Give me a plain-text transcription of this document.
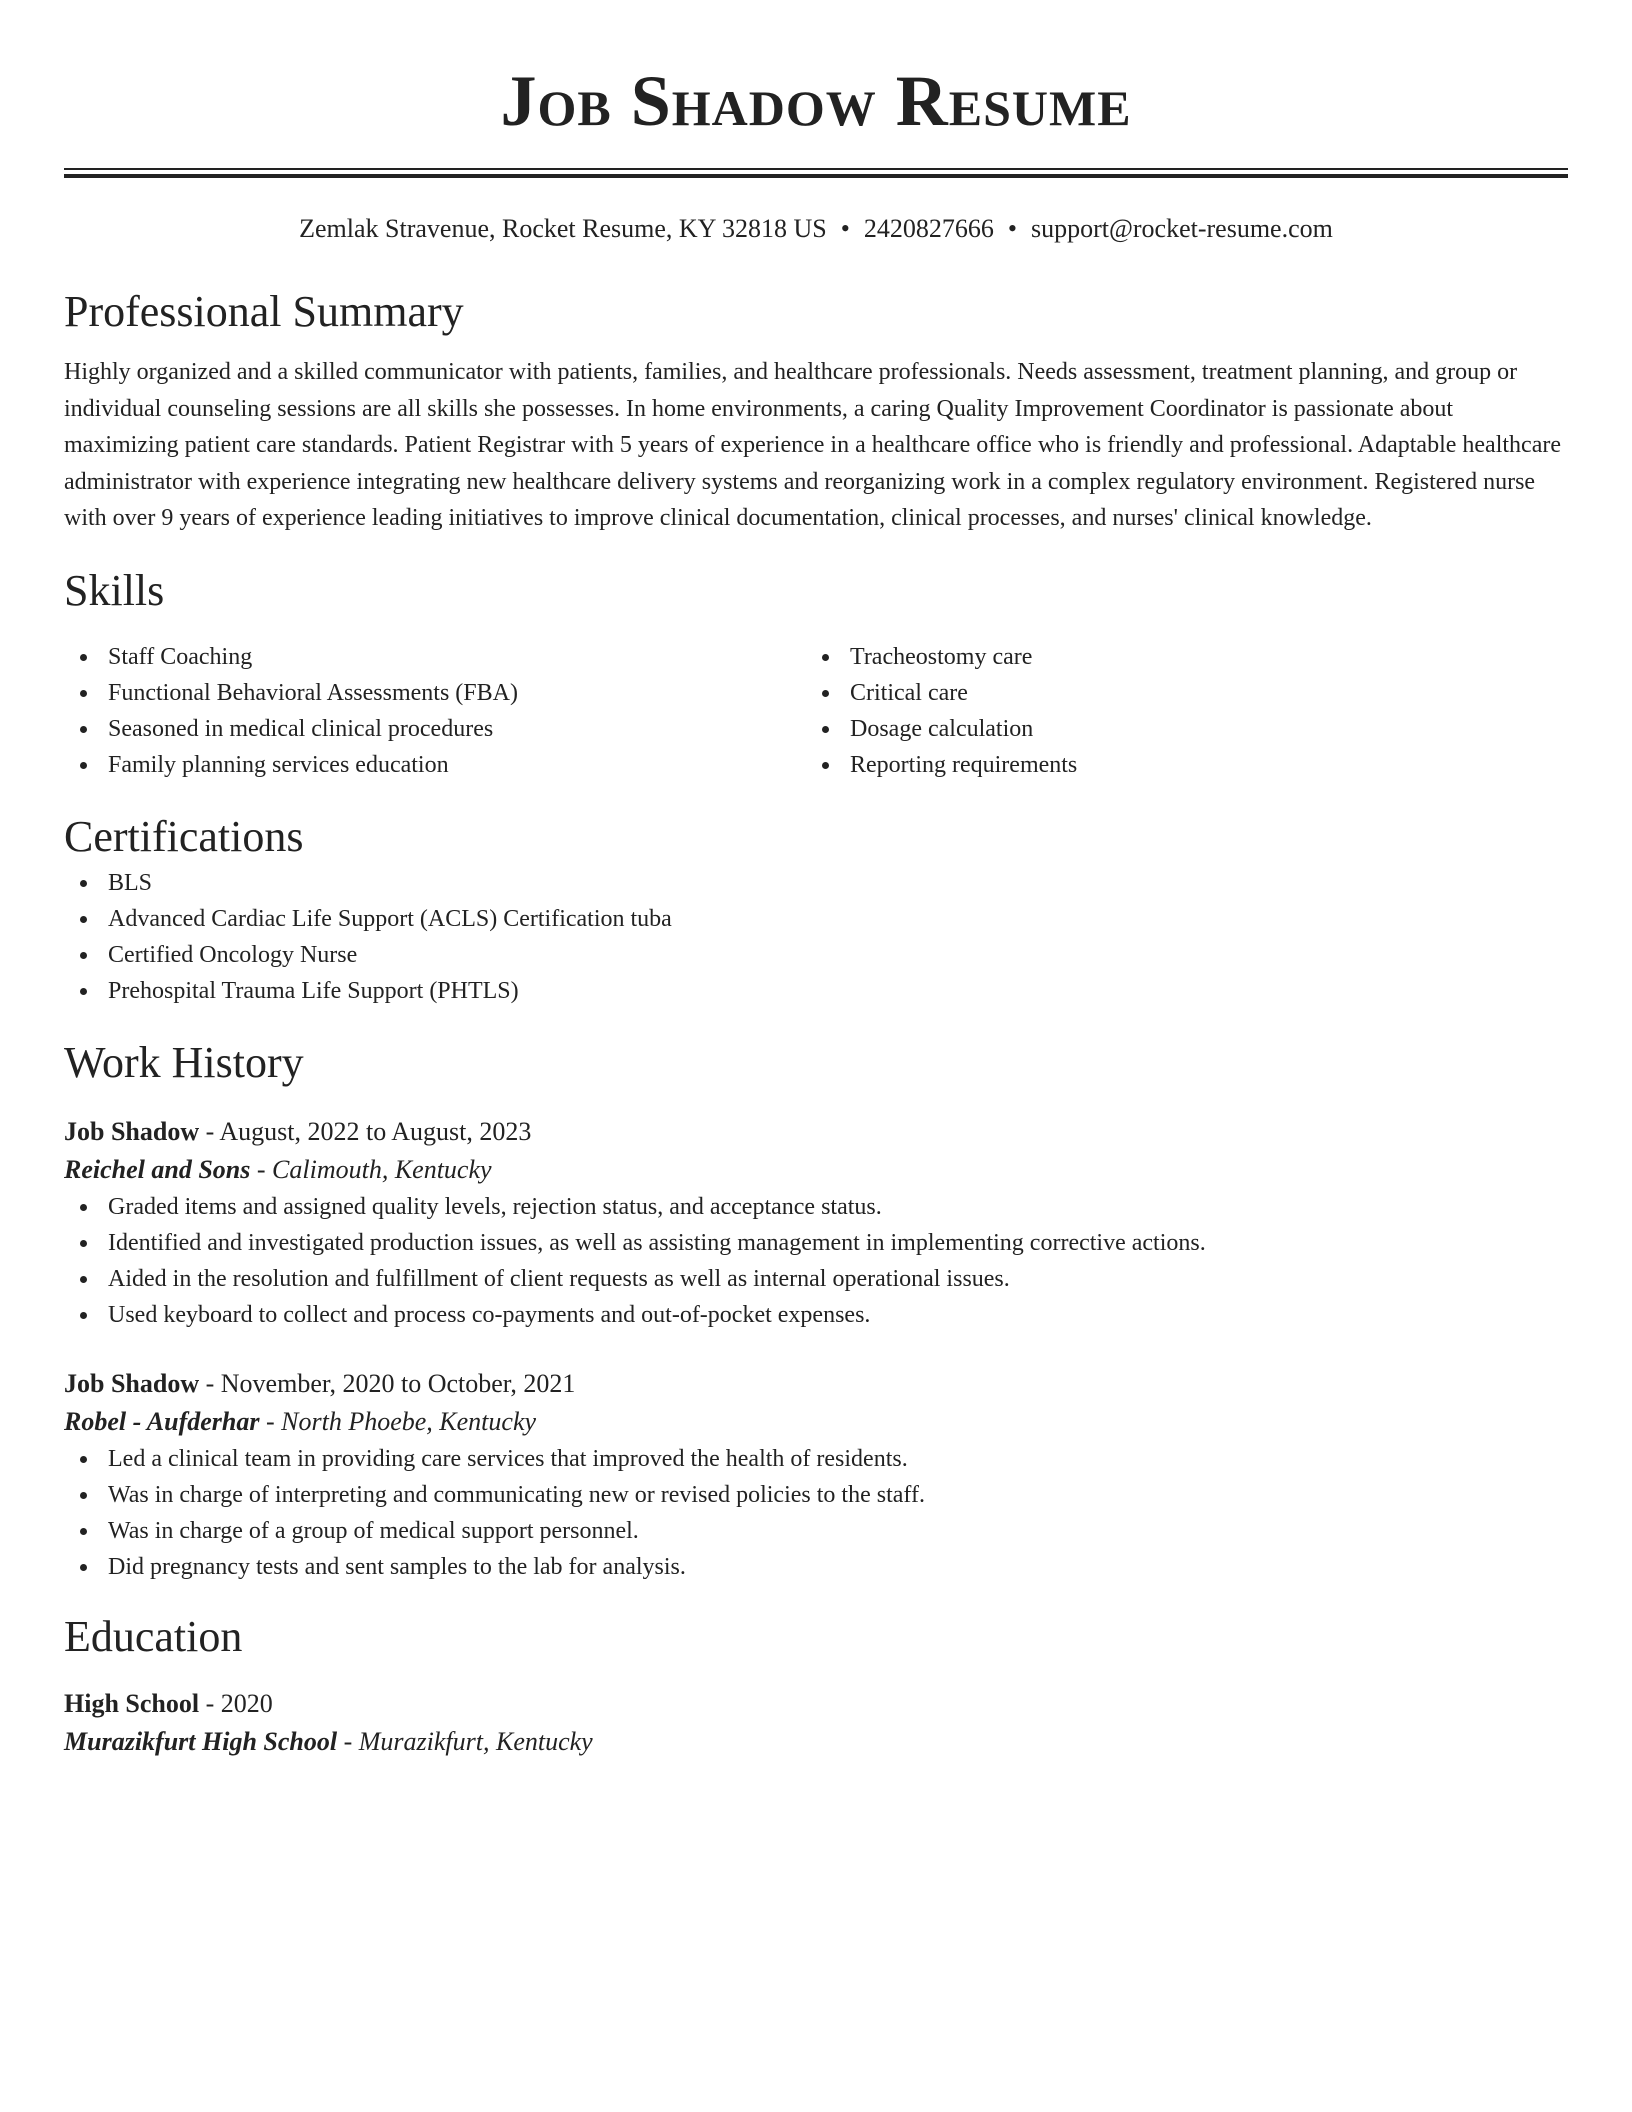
Job Shadow Resume
Zemlak Stravenue, Rocket Resume, KY 32818 US • 2420827666 • support@rocket-resume.com
Professional Summary
Highly organized and a skilled communicator with patients, families, and healthcare professionals. Needs assessment, treatment planning, and group or individual counseling sessions are all skills she possesses. In home environments, a caring Quality Improvement Coordinator is passionate about maximizing patient care standards. Patient Registrar with 5 years of experience in a healthcare office who is friendly and professional. Adaptable healthcare administrator with experience integrating new healthcare delivery systems and reorganizing work in a complex regulatory environment. Registered nurse with over 9 years of experience leading initiatives to improve clinical documentation, clinical processes, and nurses' clinical knowledge.
Skills
Staff Coaching
Functional Behavioral Assessments (FBA)
Seasoned in medical clinical procedures
Family planning services education
Tracheostomy care
Critical care
Dosage calculation
Reporting requirements
Certifications
BLS
Advanced Cardiac Life Support (ACLS) Certification tuba
Certified Oncology Nurse
Prehospital Trauma Life Support (PHTLS)
Work History
Job Shadow - August, 2022 to August, 2023
Reichel and Sons - Calimouth, Kentucky
Graded items and assigned quality levels, rejection status, and acceptance status.
Identified and investigated production issues, as well as assisting management in implementing corrective actions.
Aided in the resolution and fulfillment of client requests as well as internal operational issues.
Used keyboard to collect and process co-payments and out-of-pocket expenses.
Job Shadow - November, 2020 to October, 2021
Robel - Aufderhar - North Phoebe, Kentucky
Led a clinical team in providing care services that improved the health of residents.
Was in charge of interpreting and communicating new or revised policies to the staff.
Was in charge of a group of medical support personnel.
Did pregnancy tests and sent samples to the lab for analysis.
Education
High School - 2020
Murazikfurt High School - Murazikfurt, Kentucky
